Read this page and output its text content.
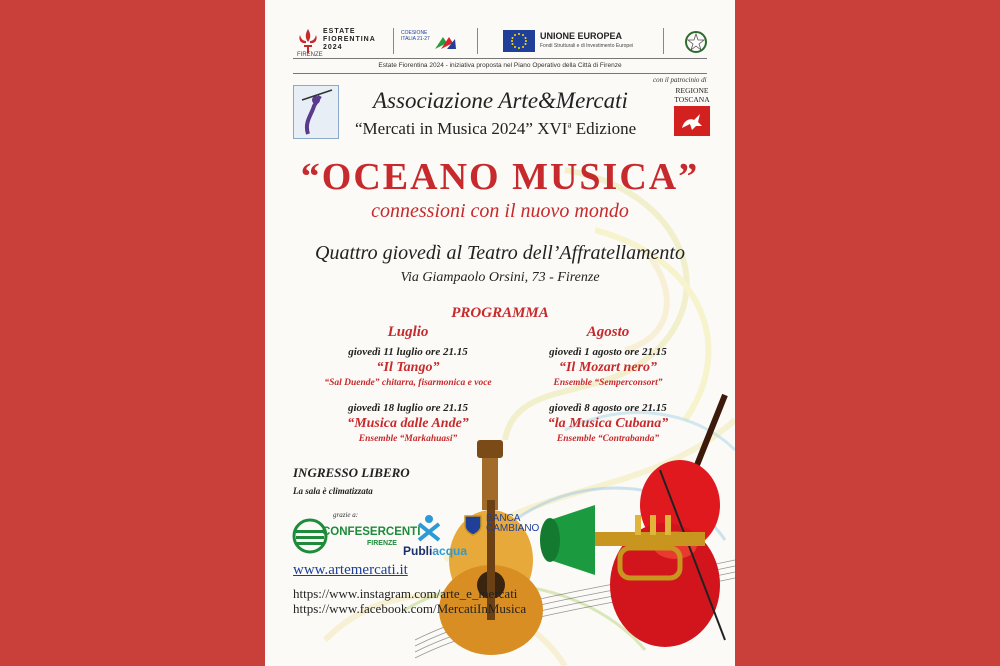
FIRENZE
ESTATE
FIORENTINA
2024
COESIONE ITALIA 21-27	UNIONE EUROPEA
Fondi Strutturali e di Investimento Europei
Estate Fiorentina 2024 - iniziativa proposta nel Piano Operativo della Città di Firenze
Associazione Arte&Mercati
“Mercati in Musica 2024” XVI$^a$ Edizione
con il patrocinio di
REGIONE
TOSCANA
“OCEANO MUSICA”
connessioni con il nuovo mondo
Quattro giovedì al Teatro dell’Affratellamento
Via Giampaolo Orsini, 73 - Firenze
PROGRAMMA
Luglio
giovedì 11 luglio ore 21.15
“Il Tango”
“Sal Duende” chitarra, fisarmonica e voce
giovedì 18 luglio ore 21.15
“Musica dalle Ande”
Ensemble “Markahuasi”
Agosto
giovedì 1 agosto ore 21.15
“Il Mozart nero”
Ensemble “Semperconsort”
giovedì 8 agosto ore 21.15
“la Musica Cubana”
Ensemble “Contrabanda”
INGRESSO LIBERO
La sala è climatizzata
grazie a:
CONFESERCENTI
FIRENZE
Publiacqua
BANCA
CAMBIANO
www.artemercati.it
https://www.instagram.com/arte_e_mercati
https://www.facebook.com/MercatiInMusica
